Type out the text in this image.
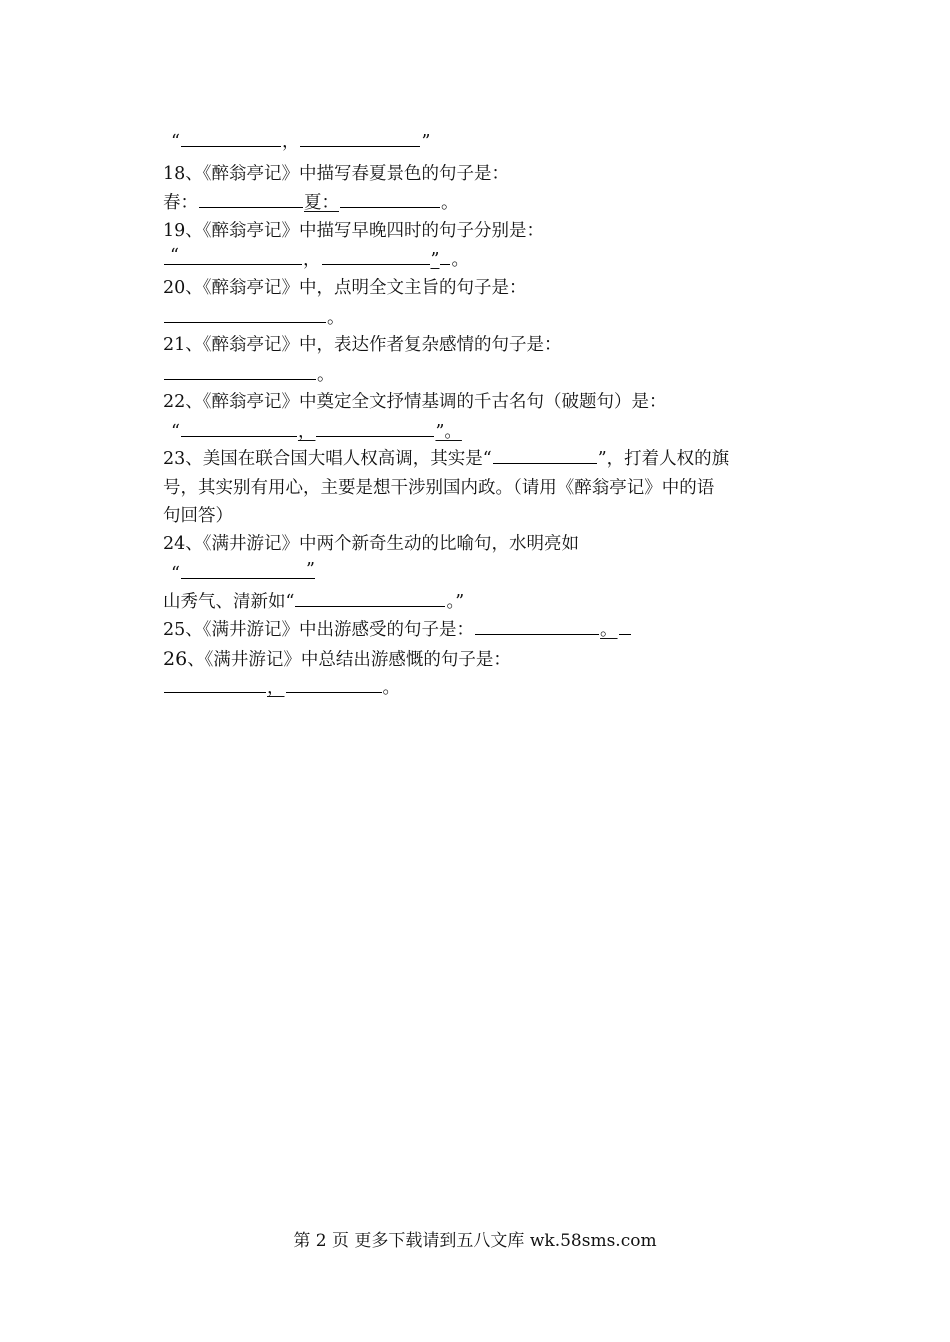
“	，	”
18、《醉翁亭记》中描写春夏景色的句子是：
春：	夏：	。
19、《醉翁亭记》中描写早晚四时的句子分别是：
“	，	” 。
20、《醉翁亭记》中，点明全文主旨的句子是：
。
21、《醉翁亭记》中，表达作者复杂感情的句子是：
。
22、《醉翁亭记》中奠定全文抒情基调的千古名句（破题句）是：
“	，	”。
23、美国在联合国大唱人权高调，其实是“	”，打着人权的旗
号，其实别有用心，主要是想干涉别国内政。（请用《醉翁亭记》中的语
句回答）
24、《满井游记》中两个新奇生动的比喻句，水明亮如
“	”
山秀气、清新如“	。”
25、《满井游记》中出游感受的句子是：	。
26、《满井游记》中总结出游感慨的句子是：
，	。
第 2 页 更多下载请到五八文库 wk.58sms.com
